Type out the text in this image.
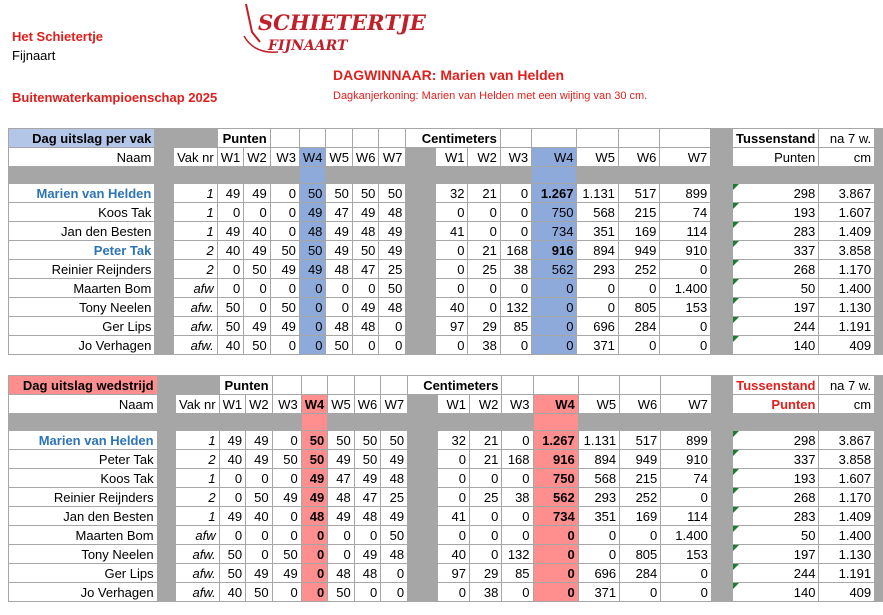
Het Schietertje
Fijnaart
Buitenwaterkampioenschap 2025
SCHIETERTJE
FIJNAART
DAGWINNAAR: Marien van Helden
Dagkanjerkoning: Marien van Helden met een wijting van 30 cm.
Dag uitslag per vak			Punten							Centimeters									Tussenstand	na 7 w.	
Naam		Vak nr	W1	W2	W3	W4	W5	W6	W7		W1	W2	W3	W4	W5	W6	W7		Punten	cm	

Marien van Helden		1	49	49	0	50	50	50	50		32	21	0	1.267	1.131	517	899		298	3.867	
Koos Tak		1	0	0	0	49	47	49	48		0	0	0	750	568	215	74		193	1.607	
Jan den Besten		1	49	40	0	48	49	48	49		41	0	0	734	351	169	114		283	1.409	
Peter Tak		2	40	49	50	50	49	50	49		0	21	168	916	894	949	910		337	3.858	
Reinier Reijnders		2	0	50	49	49	48	47	25		0	25	38	562	293	252	0		268	1.170	
Maarten Bom		afw	0	0	0	0	0	0	50		0	0	0	0	0	0	1.400		50	1.400	
Tony Neelen		afw.	50	0	50	0	0	49	48		40	0	132	0	0	805	153		197	1.130	
Ger Lips		afw.	50	49	49	0	48	48	0		97	29	85	0	696	284	0		244	1.191	
Jo Verhagen		afw.	40	50	0	0	50	0	0		0	38	0	0	371	0	0		140	409	
Dag uitslag wedstrijd			Punten							Centimeters									Tussenstand	na 7 w.	
Naam		Vak nr	W1	W2	W3	W4	W5	W6	W7		W1	W2	W3	W4	W5	W6	W7		Punten	cm	

Marien van Helden		1	49	49	0	50	50	50	50		32	21	0	1.267	1.131	517	899		298	3.867	
Peter Tak		2	40	49	50	50	49	50	49		0	21	168	916	894	949	910		337	3.858	
Koos Tak		1	0	0	0	49	47	49	48		0	0	0	750	568	215	74		193	1.607	
Reinier Reijnders		2	0	50	49	49	48	47	25		0	25	38	562	293	252	0		268	1.170	
Jan den Besten		1	49	40	0	48	49	48	49		41	0	0	734	351	169	114		283	1.409	
Maarten Bom		afw	0	0	0	0	0	0	50		0	0	0	0	0	0	1.400		50	1.400	
Tony Neelen		afw.	50	0	50	0	0	49	48		40	0	132	0	0	805	153		197	1.130	
Ger Lips		afw.	50	49	49	0	48	48	0		97	29	85	0	696	284	0		244	1.191	
Jo Verhagen		afw.	40	50	0	0	50	0	0		0	38	0	0	371	0	0		140	409	
